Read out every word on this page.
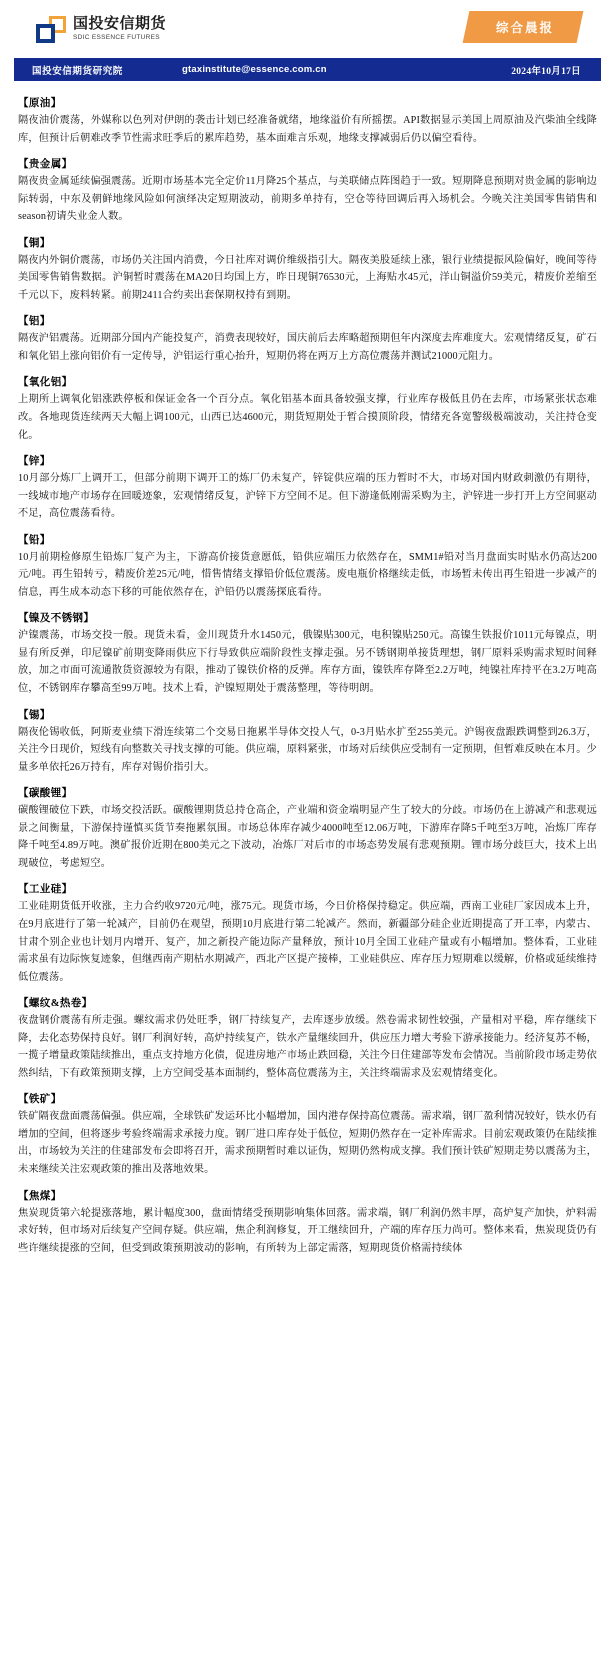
国投安信期货
SDIC ESSENCE FUTURES
综合晨报
国投安信期货研究院	gtaxinstitute@essence.com.cn	2024年10月17日
【原油】
隔夜油价震荡，外媒称以色列对伊朗的袭击计划已经准备就绪，地缘溢价有所摇摆。API数据显示美国上周原油及汽柴油全线降库，但预计后朝难改季节性需求旺季后的累库趋势，基本面难言乐观，地缘支撑减弱后仍以偏空看待。
【贵金属】
隔夜贵金属延续偏强震荡。近期市场基本完全定价11月降25个基点，与美联储点阵图趋于一致。短期降息预期对贵金属的影响边际转弱，中东及朝鲜地缘风险如何演绎决定短期波动，前期多单持有，空仓等待回调后再入场机会。今晚关注美国零售销售和season初请失业金人数。
【铜】
隔夜内外铜价震荡，市场仍关注国内消费，今日社库对调价维级指引大。隔夜美股延续上涨，银行业绩提振风险偏好，晚间等待美国零售销售数据。沪铜暂时震荡在MA20日均国上方，昨日现铜76530元，上海贴水45元，洋山铜溢价59美元，精废价差缩至千元以下，废料转紧。前期2411合约卖出套保期权持有到期。
【铝】
隔夜沪铝震荡。近期部分国内产能投复产，消费表现较好，国庆前后去库略超预期但年内深度去库难度大。宏观情绪反复，矿石和氧化铝上涨向铝价有一定传导，沪铝运行重心抬升，短期仍将在两万上方高位震荡并测试21000元阻力。
【氧化铝】
上期所上调氧化铝涨跌停板和保证金各一个百分点。氧化铝基本面具备较强支撑，行业库存极低且仍在去库，市场紧张状态难改。各地现货连续两天大幅上调100元，山西已达4600元，期货短期处于暂合摸顶阶段，情绪充各宽警级极端波动，关注持仓变化。
【锌】
10月部分炼厂上调开工，但部分前期下调开工的炼厂仍未复产，锌锭供应端的压力暂时不大，市场对国内财政刺激仍有期待，一线城市地产市场存在回暖迹象，宏观情绪反复，沪锌下方空间不足。但下游逢低刚需采购为主，沪锌进一步打开上方空间驱动不足，高位震荡看待。
【铅】
10月前期检修原生铅炼厂复产为主，下游高价接货意愿低，铅供应端压力依然存在，SMM1#铅对当月盘面实时贴水仍高达200元/吨。再生铅转亏，精废价差25元/吨，惜售情绪支撑铅价低位震荡。废电瓶价格继续走低，市场暂未传出再生铅进一步减产的信息，再生成本动态下移的可能依然存在，沪铅仍以震荡探底看待。
【镍及不锈钢】
沪镍震荡，市场交投一般。现货未看，金川现货升水1450元，俄镍贴300元，电积镍贴250元。高镍生铁报价1011元每镍点，明显有所反弹，印尼镍矿前期变降雨供应下行导致供应端阶段性支撑走强。另不锈钢期单接货理想，钢厂原料采购需求短时间释放，加之市面可流通散货资源较为有限，推动了镍铁价格的反弹。库存方面，镍铁库存降至2.2万吨，纯镍社库持平在3.2万吨高位，不锈钢库存攀高至99万吨。技术上看，沪镍短期处于震荡整理，等待明朗。
【锡】
隔夜伦锡收低，阿斯麦业绩下滑连续第二个交易日拖累半导体交投人气，0-3月贴水扩至255美元。沪锡夜盘跟跌调整到26.3万，关注今日现价，短线有向整数关寻找支撑的可能。供应端，原料紧张，市场对后续供应受制有一定预期，但暂难反映在本月。少量多单依托26万持有，库存对锡价指引大。
【碳酸锂】
碳酸锂破位下跌，市场交投活跃。碳酸锂期货总持仓高企，产业端和资金端明显产生了较大的分歧。市场仍在上游减产和悲观远景之间衡量，下游保持谨慎买货节奏拖累氛围。市场总体库存减少4000吨至12.06万吨，下游库存降5千吨至3万吨，冶炼厂库存降千吨至4.89万吨。澳矿报价近期在800美元之下波动，冶炼厂对后市的市场态势发展有悲观预期。锂市场分歧巨大，技术上出现破位，考虑短空。
【工业硅】
工业硅期货低开收涨，主力合约收9720元/吨，涨75元。现货市场，今日价格保持稳定。供应端，西南工业硅厂家因成本上升，在9月底进行了第一轮减产，目前仍在观望，预期10月底进行第二轮减产。然而，新疆部分硅企业近期提高了开工率，内蒙古、甘肃个别企业也计划月内增开、复产，加之新投产能边际产量释放，预计10月全国工业硅产量或有小幅增加。整体看，工业硅需求虽有边际恢复迹象，但继西南产期枯水期减产，西北产区提产接棒，工业硅供应、库存压力短期难以缓解，价格或延续维持低位震荡。
【螺纹&热卷】
夜盘钢价震荡有所走强。螺纹需求仍处旺季，钢厂持续复产，去库逐步放缓。然卷需求韧性较强，产量相对平稳，库存继续下降，去化态势保持良好。钢厂利润好转，高炉持续复产，铁水产量继续回升，供应压力增大考验下游承接能力。经济复苏不畅，一揽子增量政策陆续推出，重点支持地方化债，促进房地产市场止跌回稳，关注今日住建部等发布会情况。当前阶段市场走势依然纠结，下有政策预期支撑，上方空间受基本面制约，整体高位震荡为主，关注终端需求及宏观情绪变化。
【铁矿】
铁矿隔夜盘面震荡偏强。供应端，全球铁矿发运环比小幅增加，国内港存保持高位震荡。需求端，钢厂盈利情况较好，铁水仍有增加的空间，但将逐步考验终端需求承接力度。钢厂进口库存处于低位，短期仍然存在一定补库需求。目前宏观政策仍在陆续推出，市场较为关注的住建部发布会即将召开，需求预期暂时难以证伪，短期仍然构成支撑。我们预计铁矿短期走势以震荡为主，未来继续关注宏观政策的推出及落地效果。
【焦煤】
焦炭现货第六轮提涨落地，累计幅度300，盘面情绪受预期影响集体回落。需求端，钢厂利润仍然丰厚，高炉复产加快，炉料需求好转，但市场对后续复产空间存疑。供应端，焦企利润修复，开工继续回升，产端的库存压力尚可。整体来看，焦炭现货仍有些许继续提涨的空间，但受到政策预期波动的影响，有所转为上部定需落，短期现货价格需持续体
